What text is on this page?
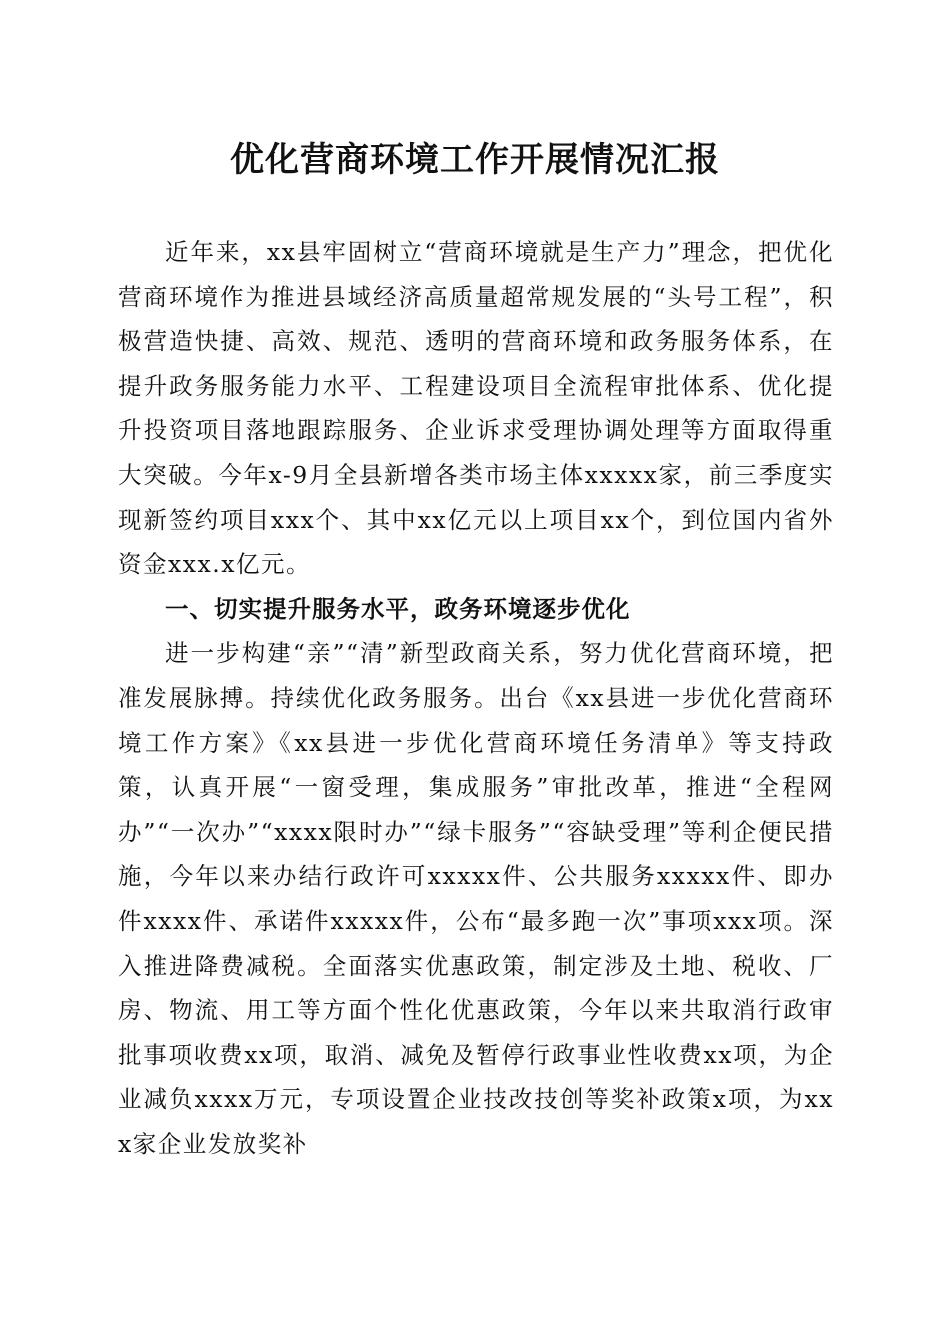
优化营商环境工作开展情况汇报

近年来，xx县牢固树立“营商环境就是生产力”理念，把优化营商环境作为推进县域经济高质量超常规发展的“头号工程”，积极营造快捷、高效、规范、透明的营商环境和政务服务体系，在提升政务服务能力水平、工程建设项目全流程审批体系、优化提升投资项目落地跟踪服务、企业诉求受理协调处理等方面取得重大突破。今年x-9月全县新增各类市场主体xxxxx家，前三季度实现新签约项目xxx个、其中xx亿元以上项目xx个，到位国内省外资金xxx.x亿元。

一、切实提升服务水平，政务环境逐步优化

进一步构建“亲”“清”新型政商关系，努力优化营商环境，把准发展脉搏。持续优化政务服务。出台《xx县进一步优化营商环境工作方案》《xx县进一步优化营商环境任务清单》等支持政策，认真开展“一窗受理，集成服务”审批改革，推进“全程网办”“一次办”“xxxx限时办”“绿卡服务”“容缺受理”等利企便民措施，今年以来办结行政许可xxxxx件、公共服务xxxxx件、即办件xxxx件、承诺件xxxxx件，公布“最多跑一次”事项xxx项。深入推进降费减税。全面落实优惠政策，制定涉及土地、税收、厂房、物流、用工等方面个性化优惠政策，今年以来共取消行政审批事项收费xx项，取消、减免及暂停行政事业性收费xx项，为企业减负xxxx万元，专项设置企业技改技创等奖补政策x项，为xxx家企业发放奖补
